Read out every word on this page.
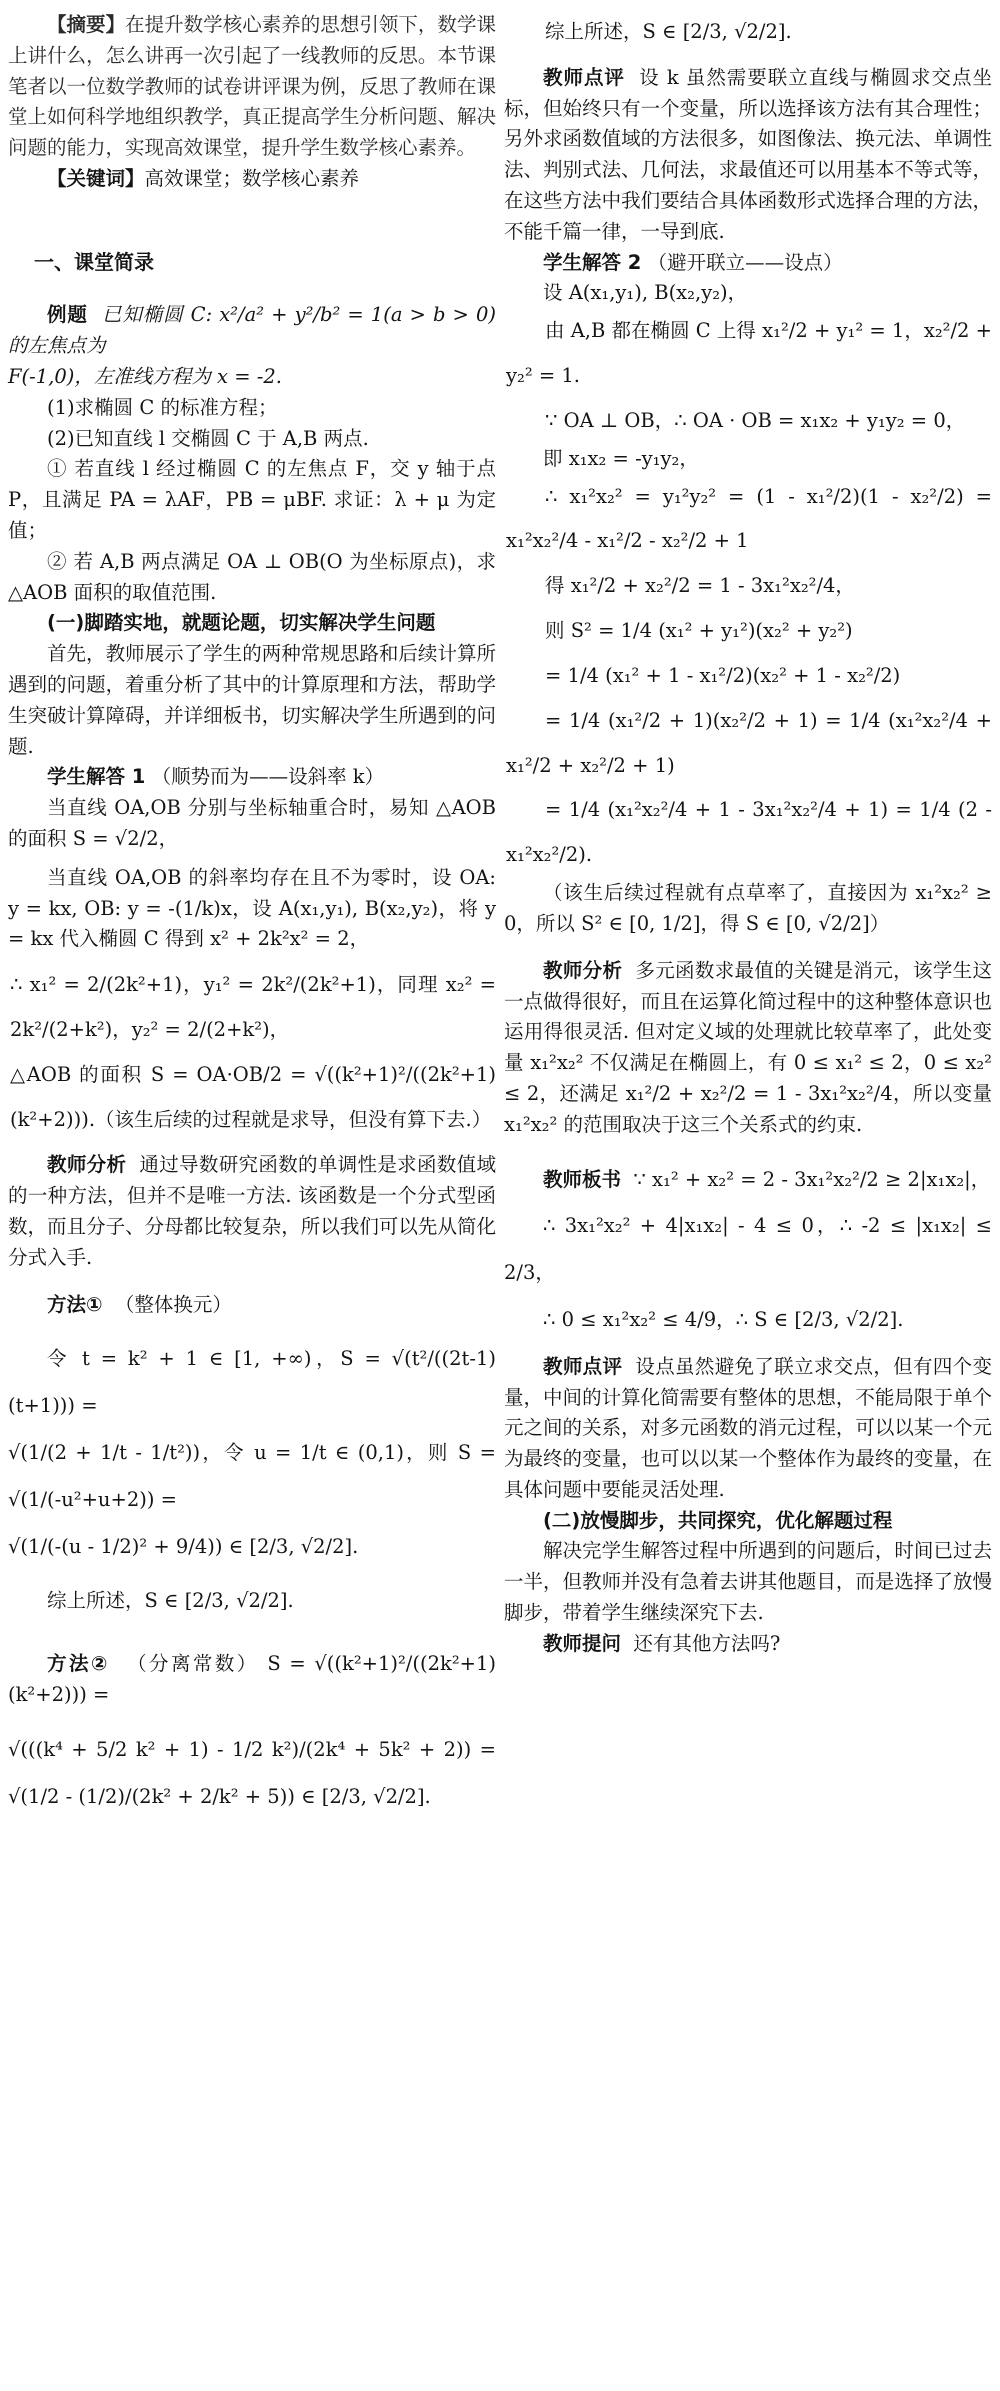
【摘要】在提升数学核心素养的思想引领下，数学课上讲什么，怎么讲再一次引起了一线教师的反思。本节课笔者以一位数学教师的试卷讲评课为例，反思了教师在课堂上如何科学地组织教学，真正提高学生分析问题、解决问题的能力，实现高效课堂，提升学生数学核心素养。

【关键词】高效课堂；数学核心素养

一、课堂简录

例题 已知椭圆 C: x²/a² + y²/b² = 1(a > b > 0) 的左焦点为

F(-1,0)，左准线方程为 x = -2.

(1)求椭圆 C 的标准方程；

(2)已知直线 l 交椭圆 C 于 A,B 两点.

① 若直线 l 经过椭圆 C 的左焦点 F，交 y 轴于点 P，且满足 PA = λAF，PB = μBF. 求证：λ + μ 为定值；

② 若 A,B 两点满足 OA ⊥ OB(O 为坐标原点)，求 △AOB 面积的取值范围.

(一)脚踏实地，就题论题，切实解决学生问题

首先，教师展示了学生的两种常规思路和后续计算所遇到的问题，着重分析了其中的计算原理和方法，帮助学生突破计算障碍，并详细板书，切实解决学生所遇到的问题.

学生解答 1 （顺势而为——设斜率 k）

当直线 OA,OB 分别与坐标轴重合时，易知 △AOB 的面积 S = √2/2，

当直线 OA,OB 的斜率均存在且不为零时，设 OA: y = kx, OB: y = -(1/k)x，设 A(x₁,y₁), B(x₂,y₂)，将 y = kx 代入椭圆 C 得到 x² + 2k²x² = 2，

∴ x₁² = 2/(2k²+1)，y₁² = 2k²/(2k²+1)，同理 x₂² = 2k²/(2+k²)，y₂² = 2/(2+k²)，

△AOB 的面积 S = OA·OB/2 = √((k²+1)²/((2k²+1)(k²+2))).（该生后续的过程就是求导，但没有算下去.）

教师分析 通过导数研究函数的单调性是求函数值域的一种方法，但并不是唯一方法. 该函数是一个分式型函数，而且分子、分母都比较复杂，所以我们可以先从简化分式入手.

方法① （整体换元）

令 t = k² + 1 ∈ [1, +∞)，S = √(t²/((2t-1)(t+1))) =

√(1/(2 + 1/t - 1/t²))，令 u = 1/t ∈ (0,1)，则 S = √(1/(-u²+u+2)) =

√(1/(-(u - 1/2)² + 9/4)) ∈ [2/3, √2/2].

综上所述，S ∈ [2/3, √2/2].

方法② （分离常数） S = √((k²+1)²/((2k²+1)(k²+2))) =

√(((k⁴ + 5/2 k² + 1) - 1/2 k²)/(2k⁴ + 5k² + 2)) = √(1/2 - (1/2)/(2k² + 2/k² + 5)) ∈ [2/3, √2/2].

综上所述，S ∈ [2/3, √2/2].

教师点评 设 k 虽然需要联立直线与椭圆求交点坐标，但始终只有一个变量，所以选择该方法有其合理性；另外求函数值域的方法很多，如图像法、换元法、单调性法、判别式法、几何法，求最值还可以用基本不等式等，在这些方法中我们要结合具体函数形式选择合理的方法，不能千篇一律，一导到底.

学生解答 2 （避开联立——设点）

设 A(x₁,y₁), B(x₂,y₂)，

由 A,B 都在椭圆 C 上得 x₁²/2 + y₁² = 1，x₂²/2 + y₂² = 1.

∵ OA ⊥ OB，∴ OA · OB = x₁x₂ + y₁y₂ = 0，

即 x₁x₂ = -y₁y₂，

∴ x₁²x₂² = y₁²y₂² = (1 - x₁²/2)(1 - x₂²/2) = x₁²x₂²/4 - x₁²/2 - x₂²/2 + 1

得 x₁²/2 + x₂²/2 = 1 - 3x₁²x₂²/4，

则 S² = 1/4 (x₁² + y₁²)(x₂² + y₂²)

= 1/4 (x₁² + 1 - x₁²/2)(x₂² + 1 - x₂²/2)

= 1/4 (x₁²/2 + 1)(x₂²/2 + 1) = 1/4 (x₁²x₂²/4 + x₁²/2 + x₂²/2 + 1)

= 1/4 (x₁²x₂²/4 + 1 - 3x₁²x₂²/4 + 1) = 1/4 (2 - x₁²x₂²/2).

（该生后续过程就有点草率了，直接因为 x₁²x₂² ≥ 0，所以 S² ∈ [0, 1/2]，得 S ∈ [0, √2/2]）

教师分析 多元函数求最值的关键是消元，该学生这一点做得很好，而且在运算化简过程中的这种整体意识也运用得很灵活. 但对定义域的处理就比较草率了，此处变量 x₁²x₂² 不仅满足在椭圆上，有 0 ≤ x₁² ≤ 2，0 ≤ x₂² ≤ 2，还满足 x₁²/2 + x₂²/2 = 1 - 3x₁²x₂²/4，所以变量 x₁²x₂² 的范围取决于这三个关系式的约束.

教师板书 ∵ x₁² + x₂² = 2 - 3x₁²x₂²/2 ≥ 2|x₁x₂|，

∴ 3x₁²x₂² + 4|x₁x₂| - 4 ≤ 0，∴ -2 ≤ |x₁x₂| ≤ 2/3，

∴ 0 ≤ x₁²x₂² ≤ 4/9，∴ S ∈ [2/3, √2/2].

教师点评 设点虽然避免了联立求交点，但有四个变量，中间的计算化简需要有整体的思想，不能局限于单个元之间的关系，对多元函数的消元过程，可以以某一个元为最终的变量，也可以以某一个整体作为最终的变量，在具体问题中要能灵活处理.

(二)放慢脚步，共同探究，优化解题过程

解决完学生解答过程中所遇到的问题后，时间已过去一半，但教师并没有急着去讲其他题目，而是选择了放慢脚步，带着学生继续深究下去.

教师提问 还有其他方法吗?
